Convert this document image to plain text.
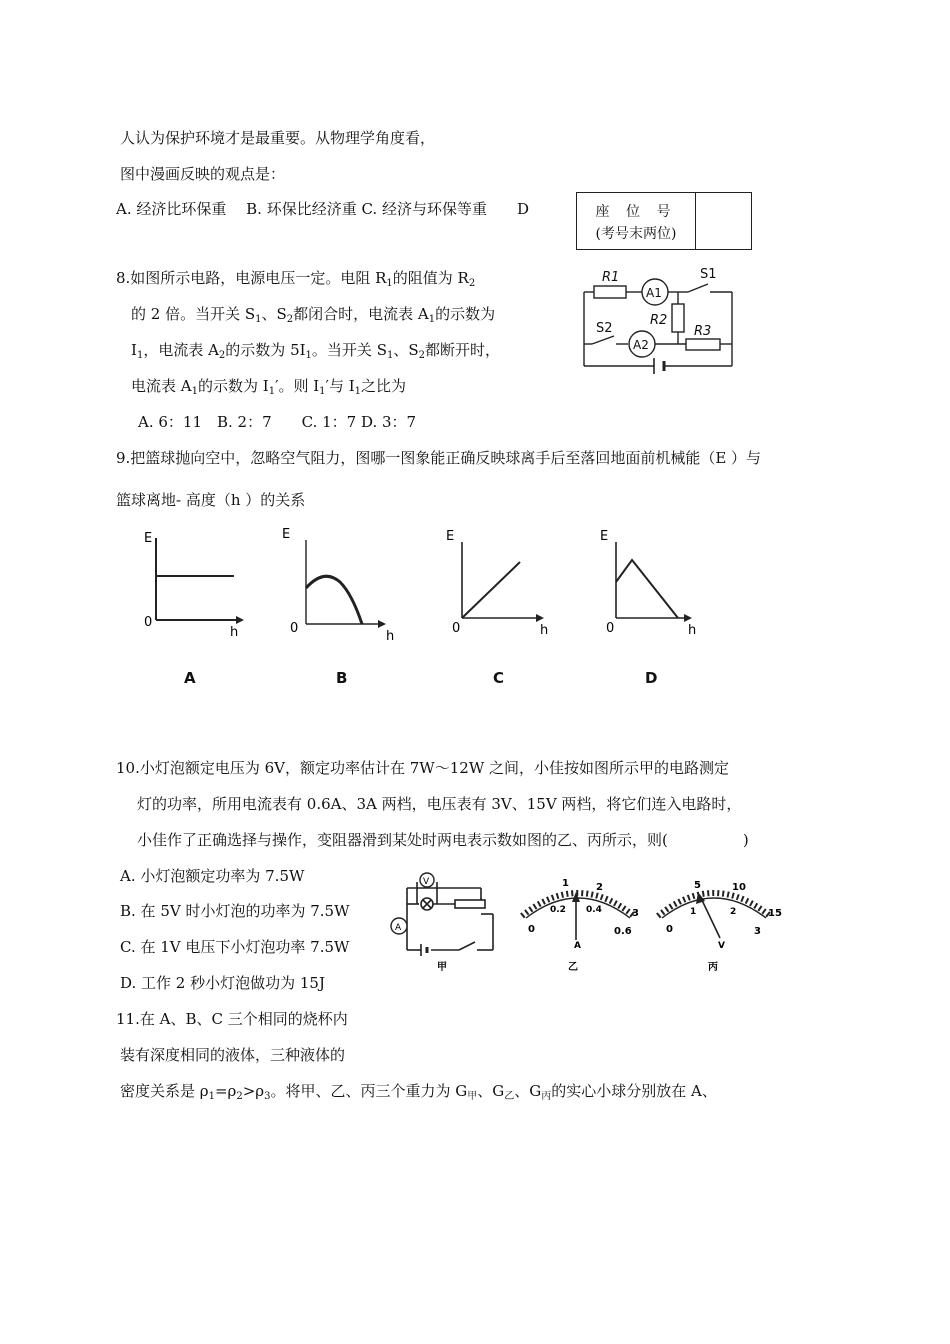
人认为保护环境才是最重要。从物理学角度看，
图中漫画反映的观点是：
A. 经济比环保重　 B. 环保比经济重 C. 经济与环保等重　　D	座 位 号
(考号末两位)
8.如图所示电路，电源电压一定。电阻 $R_1$的阻值为 $R_2$
的 2 倍。当开关 $S_1$、$S_2$都闭合时，电流表 $A_1$的示数为
$I_1$，电流表 $A_2$的示数为 $5I_1$。当开关 $S_1$、$S_2$都断开时，
电流表 $A_1$的示数为 $I_1'$。则 $I_1'$与 $I_1$之比为
A. 6：11　B. 2：7　　C. 1：7 D. 3：7
R1
A1
S1
R2
S2
A2
R3
9.把篮球抛向空中，忽略空气阻力，图哪一图象能正确反映球离手后至落回地面前机械能（E ）与
篮球离地- 高度（h ）的关系
E
0
h
A
E
0
h
B
E
0	h
C
E
0	h
D
10.小灯泡额定电压为 6V，额定功率估计在 7W～12W 之间，小佳按如图所示甲的电路测定
灯的功率，所用电流表有 0.6A、3A 两档，电压表有 3V、15V 两档，将它们连入电路时，
小佳作了正确选择与操作，变阻器滑到某处时两电表示数如图的乙、丙所示，则(　　　　　)
A. 小灯泡额定功率为 7.5W
B. 在 5V 时小灯泡的功率为 7.5W
C. 在 1V 电压下小灯泡功率 7.5W
D. 工作 2 秒小灯泡做功为 15J
V
A
甲
1	2
0.2 0.4
0
3
0.6
A
乙
5	10
1	2
0
15
3
V
丙
11.在 A、B、C 三个相同的烧杯内
装有深度相同的液体，三种液体的
密度关系是 $\rho_1=\rho_2>\rho_3$。将甲、乙、丙三个重力为 $G_甲$、$G_乙$、$G_丙$的实心小球分别放在 A、
